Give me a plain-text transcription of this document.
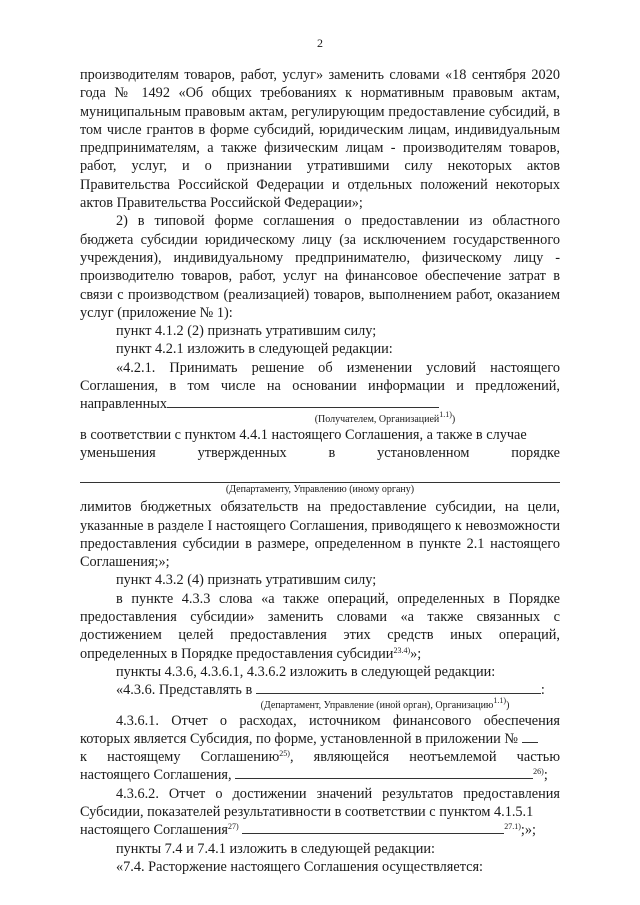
2

производителям товаров, работ, услуг» заменить словами «18 сентября 2020 года № 1492 «Об общих требованиях к нормативным правовым актам, муниципальным правовым актам, регулирующим предоставление субсидий, в том числе грантов в форме субсидий, юридическим лицам, индивидуальным предпринимателям, а также физическим лицам - производителям товаров, работ, услуг, и о признании утратившими силу некоторых актов Правительства Российской Федерации и отдельных положений некоторых актов Правительства Российской Федерации»;

2) в типовой форме соглашения о предоставлении из областного бюджета субсидии юридическому лицу (за исключением государственного учреждения), индивидуальному предпринимателю, физическому лицу - производителю товаров, работ, услуг на финансовое обеспечение затрат в связи с производством (реализацией) товаров, выполнением работ, оказанием услуг (приложение № 1):

пункт 4.1.2 (2) признать утратившим силу;

пункт 4.2.1 изложить в следующей редакции:

«4.2.1. Принимать решение об изменении условий настоящего Соглашения, в том числе на основании информации и предложений, направленных

(Получателем, Организацией$^{1.1)}$)

в соответствии с пунктом 4.4.1 настоящего Соглашения, а также в случае

уменьшения утвержденных в установленном порядке

(Департаменту, Управлению (иному органу)

лимитов бюджетных обязательств на предоставление субсидии, на цели, указанные в разделе I настоящего Соглашения, приводящего к невозможности предоставления субсидии в размере, определенном в пункте 2.1 настоящего Соглашения;»;

пункт 4.3.2 (4) признать утратившим силу;

в пункте 4.3.3 слова «а также операций, определенных в Порядке предоставления субсидии» заменить словами «а также связанных с достижением целей предоставления этих средств иных операций, определенных в Порядке предоставления субсидии$^{23.4)}$»;

пункты 4.3.6, 4.3.6.1, 4.3.6.2 изложить в следующей редакции:

«4.3.6. Представлять в	:

(Департамент, Управление (иной орган), Организацию$^{1.1)}$)

4.3.6.1. Отчет о расходах, источником финансового обеспечения которых является Субсидия, по форме, установленной в приложении №

к настоящему Соглашению$^{25)}$, являющейся неотъемлемой частью

настоящего Соглашения,	$^{26)}$;

4.3.6.2. Отчет о достижении значений результатов предоставления Субсидии, показателей результативности в соответствии с пунктом 4.1.5.1

настоящего Соглашения$^{27)}$	$^{27.1)}$;»;

пункты 7.4 и 7.4.1 изложить в следующей редакции:

«7.4. Расторжение настоящего Соглашения осуществляется:
